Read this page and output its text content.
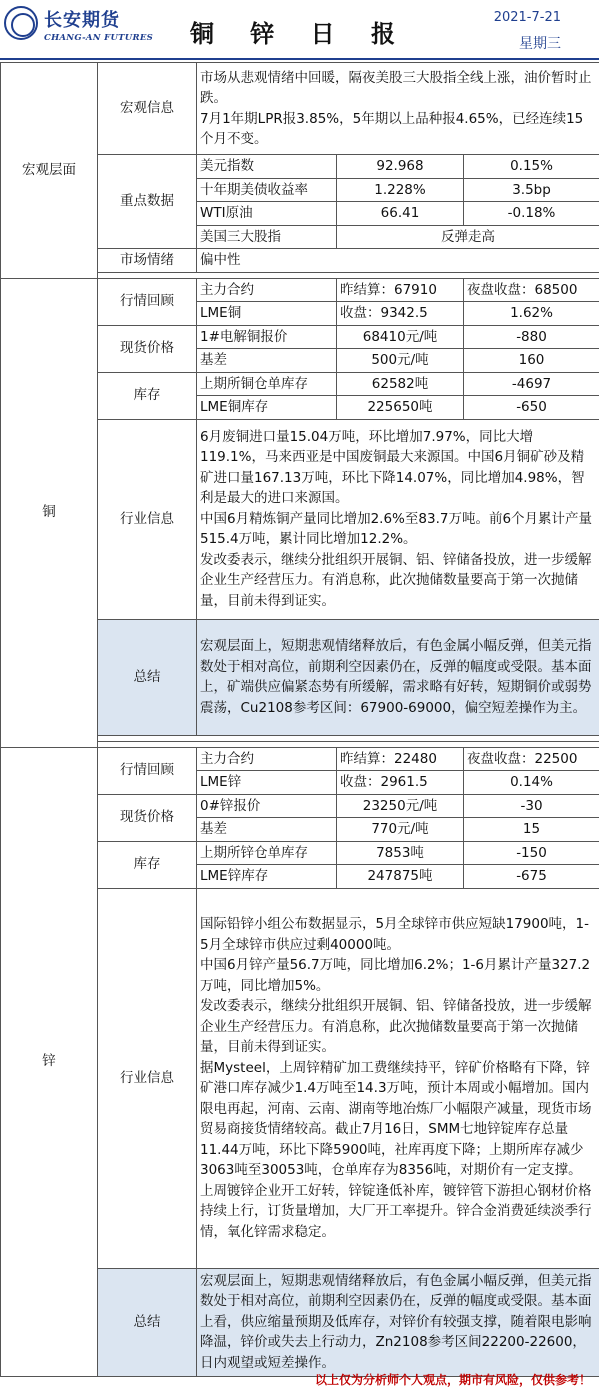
长安期货
CHANG-AN FUTURES	铜 锌 日 报
2021-7-21
星期三
宏观层面	宏观信息	市场从悲观情绪中回暖，隔夜美股三大股指全线上涨，油价暂时止跌。
7月1年期LPR报3.85%，5年期以上品种报4.65%，已经连续15个月不变。		
	重点数据	美元指数	92.968	0.15%
		十年期美债收益率	1.228%	3.5bp
		WTI原油	66.41	-0.18%
		美国三大股指	反弹走高	
	市场情绪	偏中性		

铜	行情回顾	主力合约	昨结算：67910	夜盘收盘：68500
		LME铜	收盘：9342.5	1.62%
	现货价格	1#电解铜报价	68410元/吨	-880
		基差	500元/吨	160
	库存	上期所铜仓单库存	62582吨	-4697
		LME铜库存	225650吨	-650
	行业信息	6月废铜进口量15.04万吨，环比增加7.97%，同比大增119.1%，马来西亚是中国废铜最大来源国。中国6月铜矿砂及精矿进口量167.13万吨，环比下降14.07%，同比增加4.98%，智利是最大的进口来源国。
中国6月精炼铜产量同比增加2.6%至83.7万吨。前6个月累计产量515.4万吨，累计同比增加12.2%。
发改委表示，继续分批组织开展铜、铝、锌储备投放，进一步缓解企业生产经营压力。有消息称，此次抛储数量要高于第一次抛储量，目前未得到证实。		
	总结	宏观层面上，短期悲观情绪释放后，有色金属小幅反弹，但美元指数处于相对高位，前期利空因素仍在，反弹的幅度或受限。基本面上，矿端供应偏紧态势有所缓解，需求略有好转，短期铜价或弱势震荡，Cu2108参考区间：67900-69000，偏空短差操作为主。		

锌	行情回顾	主力合约	昨结算：22480	夜盘收盘：22500
		LME锌	收盘：2961.5	0.14%
	现货价格	0#锌报价	23250元/吨	-30
		基差	770元/吨	15
	库存	上期所锌仓单库存	7853吨	-150
		LME锌库存	247875吨	-675
	行业信息	国际铅锌小组公布数据显示，5月全球锌市供应短缺17900吨，1-5月全球锌市供应过剩40000吨。
中国6月锌产量56.7万吨，同比增加6.2%；1-6月累计产量327.2万吨，同比增加5%。
发改委表示，继续分批组织开展铜、铝、锌储备投放，进一步缓解企业生产经营压力。有消息称，此次抛储数量要高于第一次抛储量，目前未得到证实。
据Mysteel，上周锌精矿加工费继续持平，锌矿价格略有下降，锌矿港口库存减少1.4万吨至14.3万吨，预计本周或小幅增加。国内限电再起，河南、云南、湖南等地冶炼厂小幅限产减量，现货市场贸易商接货情绪较高。截止7月16日，SMM七地锌锭库存总量11.44万吨，环比下降5900吨，社库再度下降；上期所库存减少3063吨至30053吨，仓单库存为8356吨，对期价有一定支撑。 上周镀锌企业开工好转，锌锭逢低补库，镀锌管下游担心钢材价格持续上行，订货量增加，大厂开工率提升。锌合金消费延续淡季行情，氧化锌需求稳定。		
	总结	宏观层面上，短期悲观情绪释放后，有色金属小幅反弹，但美元指数处于相对高位，前期利空因素仍在，反弹的幅度或受限。基本面上看，供应缩量预期及低库存，对锌价有较强支撑，随着限电影响降温，锌价或失去上行动力，Zn2108参考区间22200-22600，日内观望或短差操作。		
以上仅为分析师个人观点，期市有风险，仅供参考！
